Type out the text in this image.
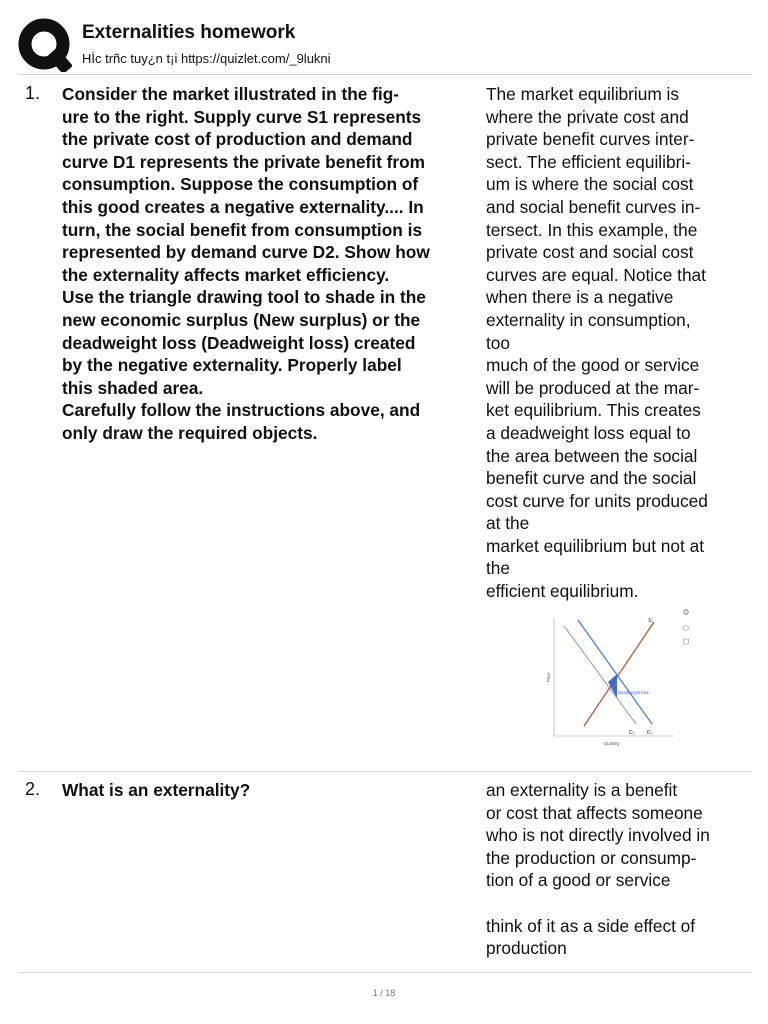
Externalities homework
Hİc trñc tuy¿n t¡i https://quizlet.com/_9lukni
1. Consider the market illustrated in the fig-
ure to the right. Supply curve S1 represents
the private cost of production and demand
curve D1 represents the private benefit from
consumption. Suppose the consumption of
this good creates a negative externality.... In
turn, the social benefit from consumption is
represented by demand curve D2. Show how
the externality affects market efficiency.
Use the triangle drawing tool to shade in the
new economic surplus (New surplus) or the
deadweight loss (Deadweight loss) created
by the negative externality. Properly label
this shaded area.
Carefully follow the instructions above, and
only draw the required objects.
The market equilibrium is
where the private cost and
private benefit curves inter-
sect. The efficient equilibri-
um is where the social cost
and social benefit curves in-
tersect. In this example, the
private cost and social cost
curves are equal. Notice that
when there is a negative
externality in consumption,
too
much of the good or service
will be produced at the mar-
ket equilibrium. This creates
a deadweight loss equal to
the area between the social
benefit curve and the social
cost curve for units produced
at the
market equilibrium but not at
the
efficient equilibrium.
S₁
D₂ D₁
Deadweight loss
Price
Quantity
2. What is an externality?	an externality is a benefit
or cost that affects someone
who is not directly involved in
the production or consump-
tion of a good or service
think of it as a side effect of
production
1 / 18
